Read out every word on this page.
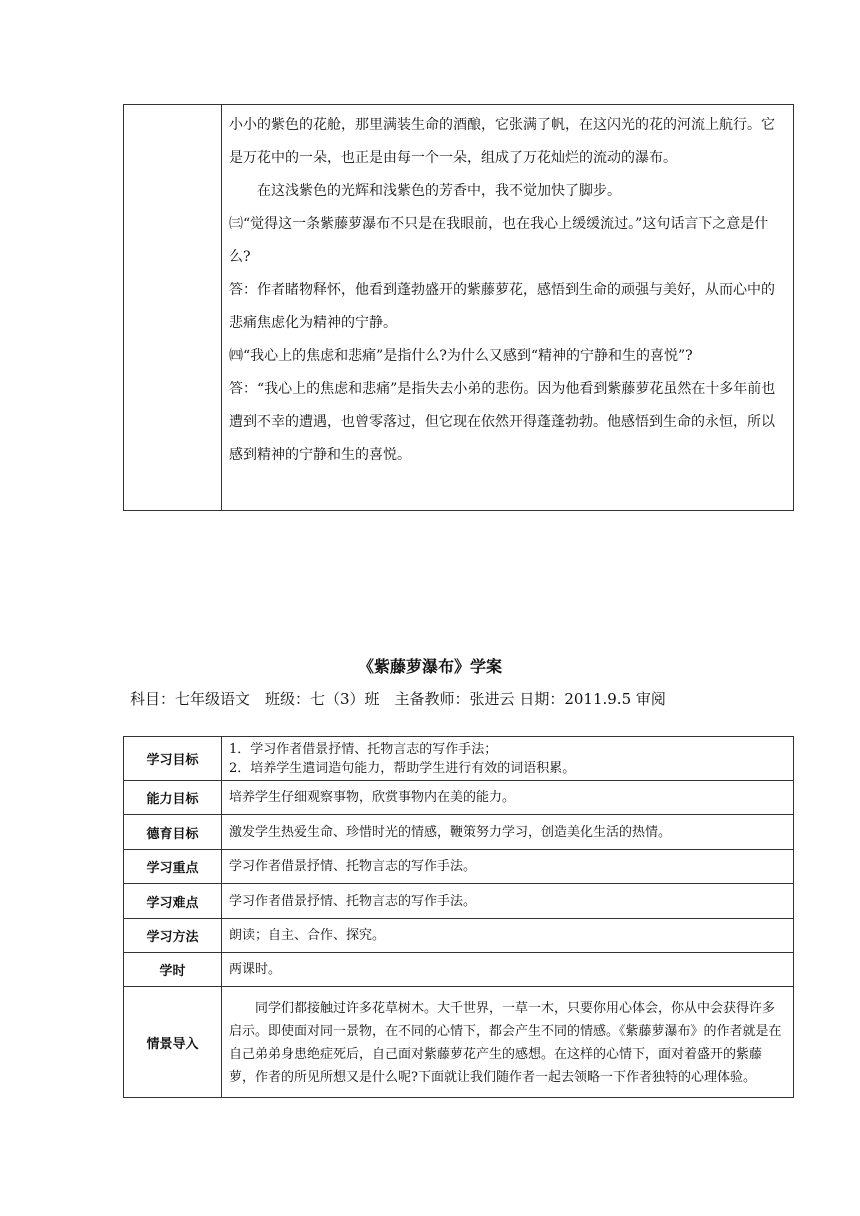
小小的紫色的花舱，那里满装生命的酒酿，它张满了帆，在这闪光的花的河流上航行。它是万花中的一朵，也正是由每一个一朵，组成了万花灿烂的流动的瀑布。

在这浅紫色的光辉和浅紫色的芳香中，我不觉加快了脚步。

㈢“觉得这一条紫藤萝瀑布不只是在我眼前，也在我心上缓缓流过。”这句话言下之意是什么?

答：作者睹物释怀，他看到蓬勃盛开的紫藤萝花，感悟到生命的顽强与美好，从而心中的悲痛焦虑化为精神的宁静。

㈣“我心上的焦虑和悲痛”是指什么?为什么又感到“精神的宁静和生的喜悦”?

答：“我心上的焦虑和悲痛”是指失去小弟的悲伤。因为他看到紫藤萝花虽然在十多年前也遭到不幸的遭遇，也曾零落过，但它现在依然开得蓬蓬勃勃。他感悟到生命的永恒，所以感到精神的宁静和生的喜悦。

《紫藤萝瀑布》学案
科目：七年级语文　班级：七（3）班　主备教师：张进云 日期：2011.9.5 审阅
学习目标	1．学习作者借景抒情、托物言志的写作手法；
2．培养学生遣词造句能力，帮助学生进行有效的词语积累。

能力目标	培养学生仔细观察事物，欣赏事物内在美的能力。
德育目标	激发学生热爱生命、珍惜时光的情感，鞭策努力学习，创造美化生活的热情。
学习重点	学习作者借景抒情、托物言志的写作手法。
学习难点	学习作者借景抒情、托物言志的写作手法。
学习方法	朗读；自主、合作、探究。
学时	两课时。
情景导入	同学们都接触过许多花草树木。大千世界，一草一木，只要你用心体会，你从中会获得许多启示。即使面对同一景物，在不同的心情下，都会产生不同的情感。《紫藤萝瀑布》的作者就是在自己弟弟身患绝症死后，自己面对紫藤萝花产生的感想。在这样的心情下，面对着盛开的紫藤萝，作者的所见所想又是什么呢?下面就让我们随作者一起去领略一下作者独特的心理体验。
